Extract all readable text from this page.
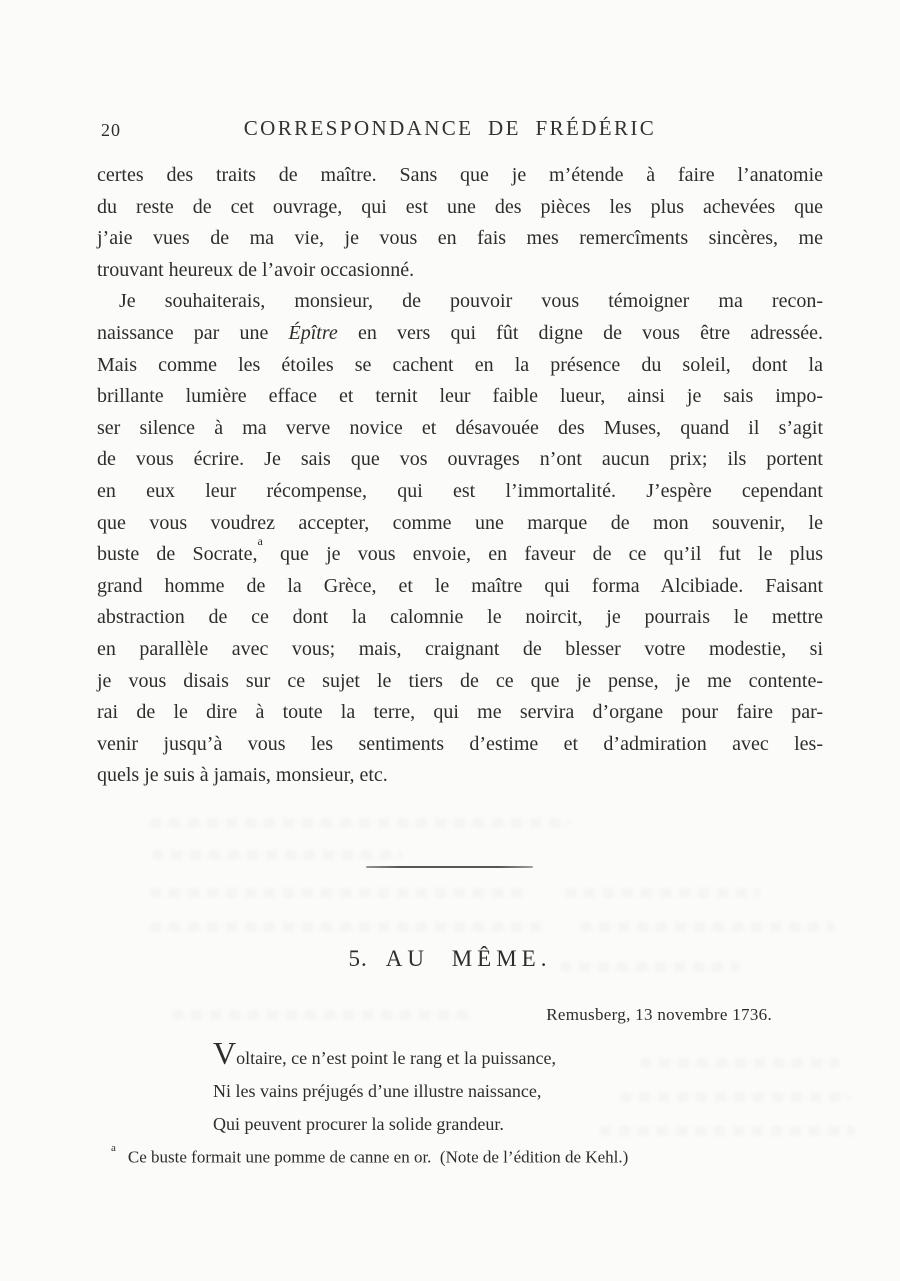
20	CORRESPONDANCE DE FRÉDÉRIC
certes des traits de maître. Sans que je m’étende à faire l’anatomie
du reste de cet ouvrage, qui est une des pièces les plus achevées que
j’aie vues de ma vie, je vous en fais mes remercîments sincères, me
trouvant heureux de l’avoir occasionné.
Je souhaiterais, monsieur, de pouvoir vous témoigner ma recon-
naissance par une Épître en vers qui fût digne de vous être adressée.
Mais comme les étoiles se cachent en la présence du soleil, dont la
brillante lumière efface et ternit leur faible lueur, ainsi je sais impo-
ser silence à ma verve novice et désavouée des Muses, quand il s’agit
de vous écrire. Je sais que vos ouvrages n’ont aucun prix; ils portent
en eux leur récompense, qui est l’immortalité. J’espère cependant
que vous voudrez accepter, comme une marque de mon souvenir, le
buste de Socrate,$^a$ que je vous envoie, en faveur de ce qu’il fut le plus
grand homme de la Grèce, et le maître qui forma Alcibiade. Faisant
abstraction de ce dont la calomnie le noircit, je pourrais le mettre
en parallèle avec vous; mais, craignant de blesser votre modestie, si
je vous disais sur ce sujet le tiers de ce que je pense, je me contente-
rai de le dire à toute la terre, qui me servira d’organe pour faire par-
venir jusqu’à vous les sentiments d’estime et d’admiration avec les-
quels je suis à jamais, monsieur, etc.
5. AU MÊME.
Remusberg, 13 novembre 1736.
Voltaire, ce n’est point le rang et la puissance,
Ni les vains préjugés d’une illustre naissance,
Qui peuvent procurer la solide grandeur.
$^a$ Ce buste formait une pomme de canne en or. (Note de l’édition de Kehl.)
